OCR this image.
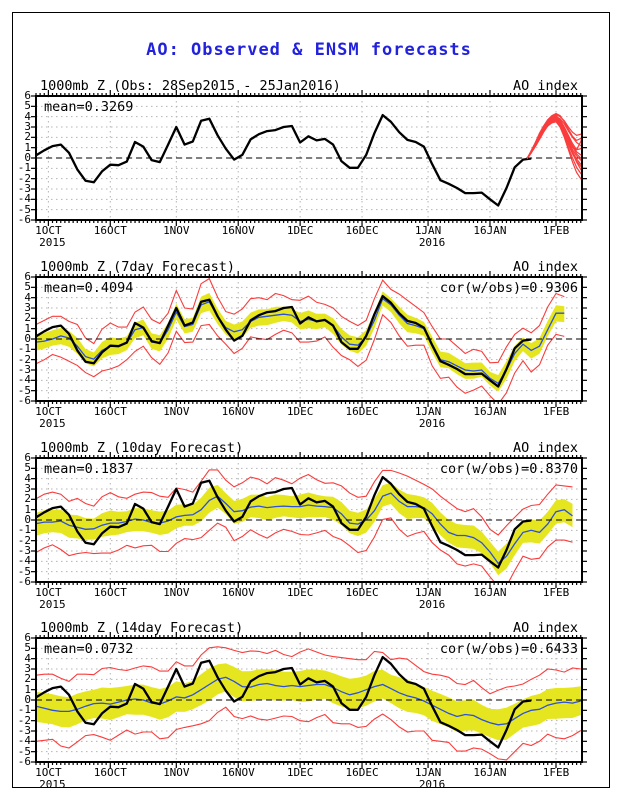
AO: Observed & ENSM forecasts
1000mb Z (Obs: 28Sep2015 - 25Jan2016)	AO index
mean=0.3269
1000mb Z (7day Forecast)	AO index
mean=0.4094	cor(w/obs)=0.9306
1000mb Z (10day Forecast)	AO index
mean=0.1837	cor(w/obs)=0.8370
1000mb Z (14day Forecast)	AO index
mean=0.0732	cor(w/obs)=0.6433
6
5
4
3
2
1
0
-1
-2
-3
-4
-5
-6
1OCT
2015
16OCT	1NOV	16NOV	1DEC	16DEC	1JAN
2016
16JAN	1FEB
6
5
4
3
2
1
0
-1
-2
-3
-4
-5
-6
1OCT
2015
16OCT	1NOV	16NOV	1DEC	16DEC	1JAN
2016
16JAN	1FEB
6
5
4
3
2
1
0
-1
-2
-3
-4
-5
-6
1OCT
2015
16OCT	1NOV	16NOV	1DEC	16DEC	1JAN
2016
16JAN	1FEB
6
5
4
3
2
1
0
-1
-2
-3
-4
-5
-6
1OCT
2015
16OCT	1NOV	16NOV	1DEC	16DEC	1JAN
2016
16JAN	1FEB
